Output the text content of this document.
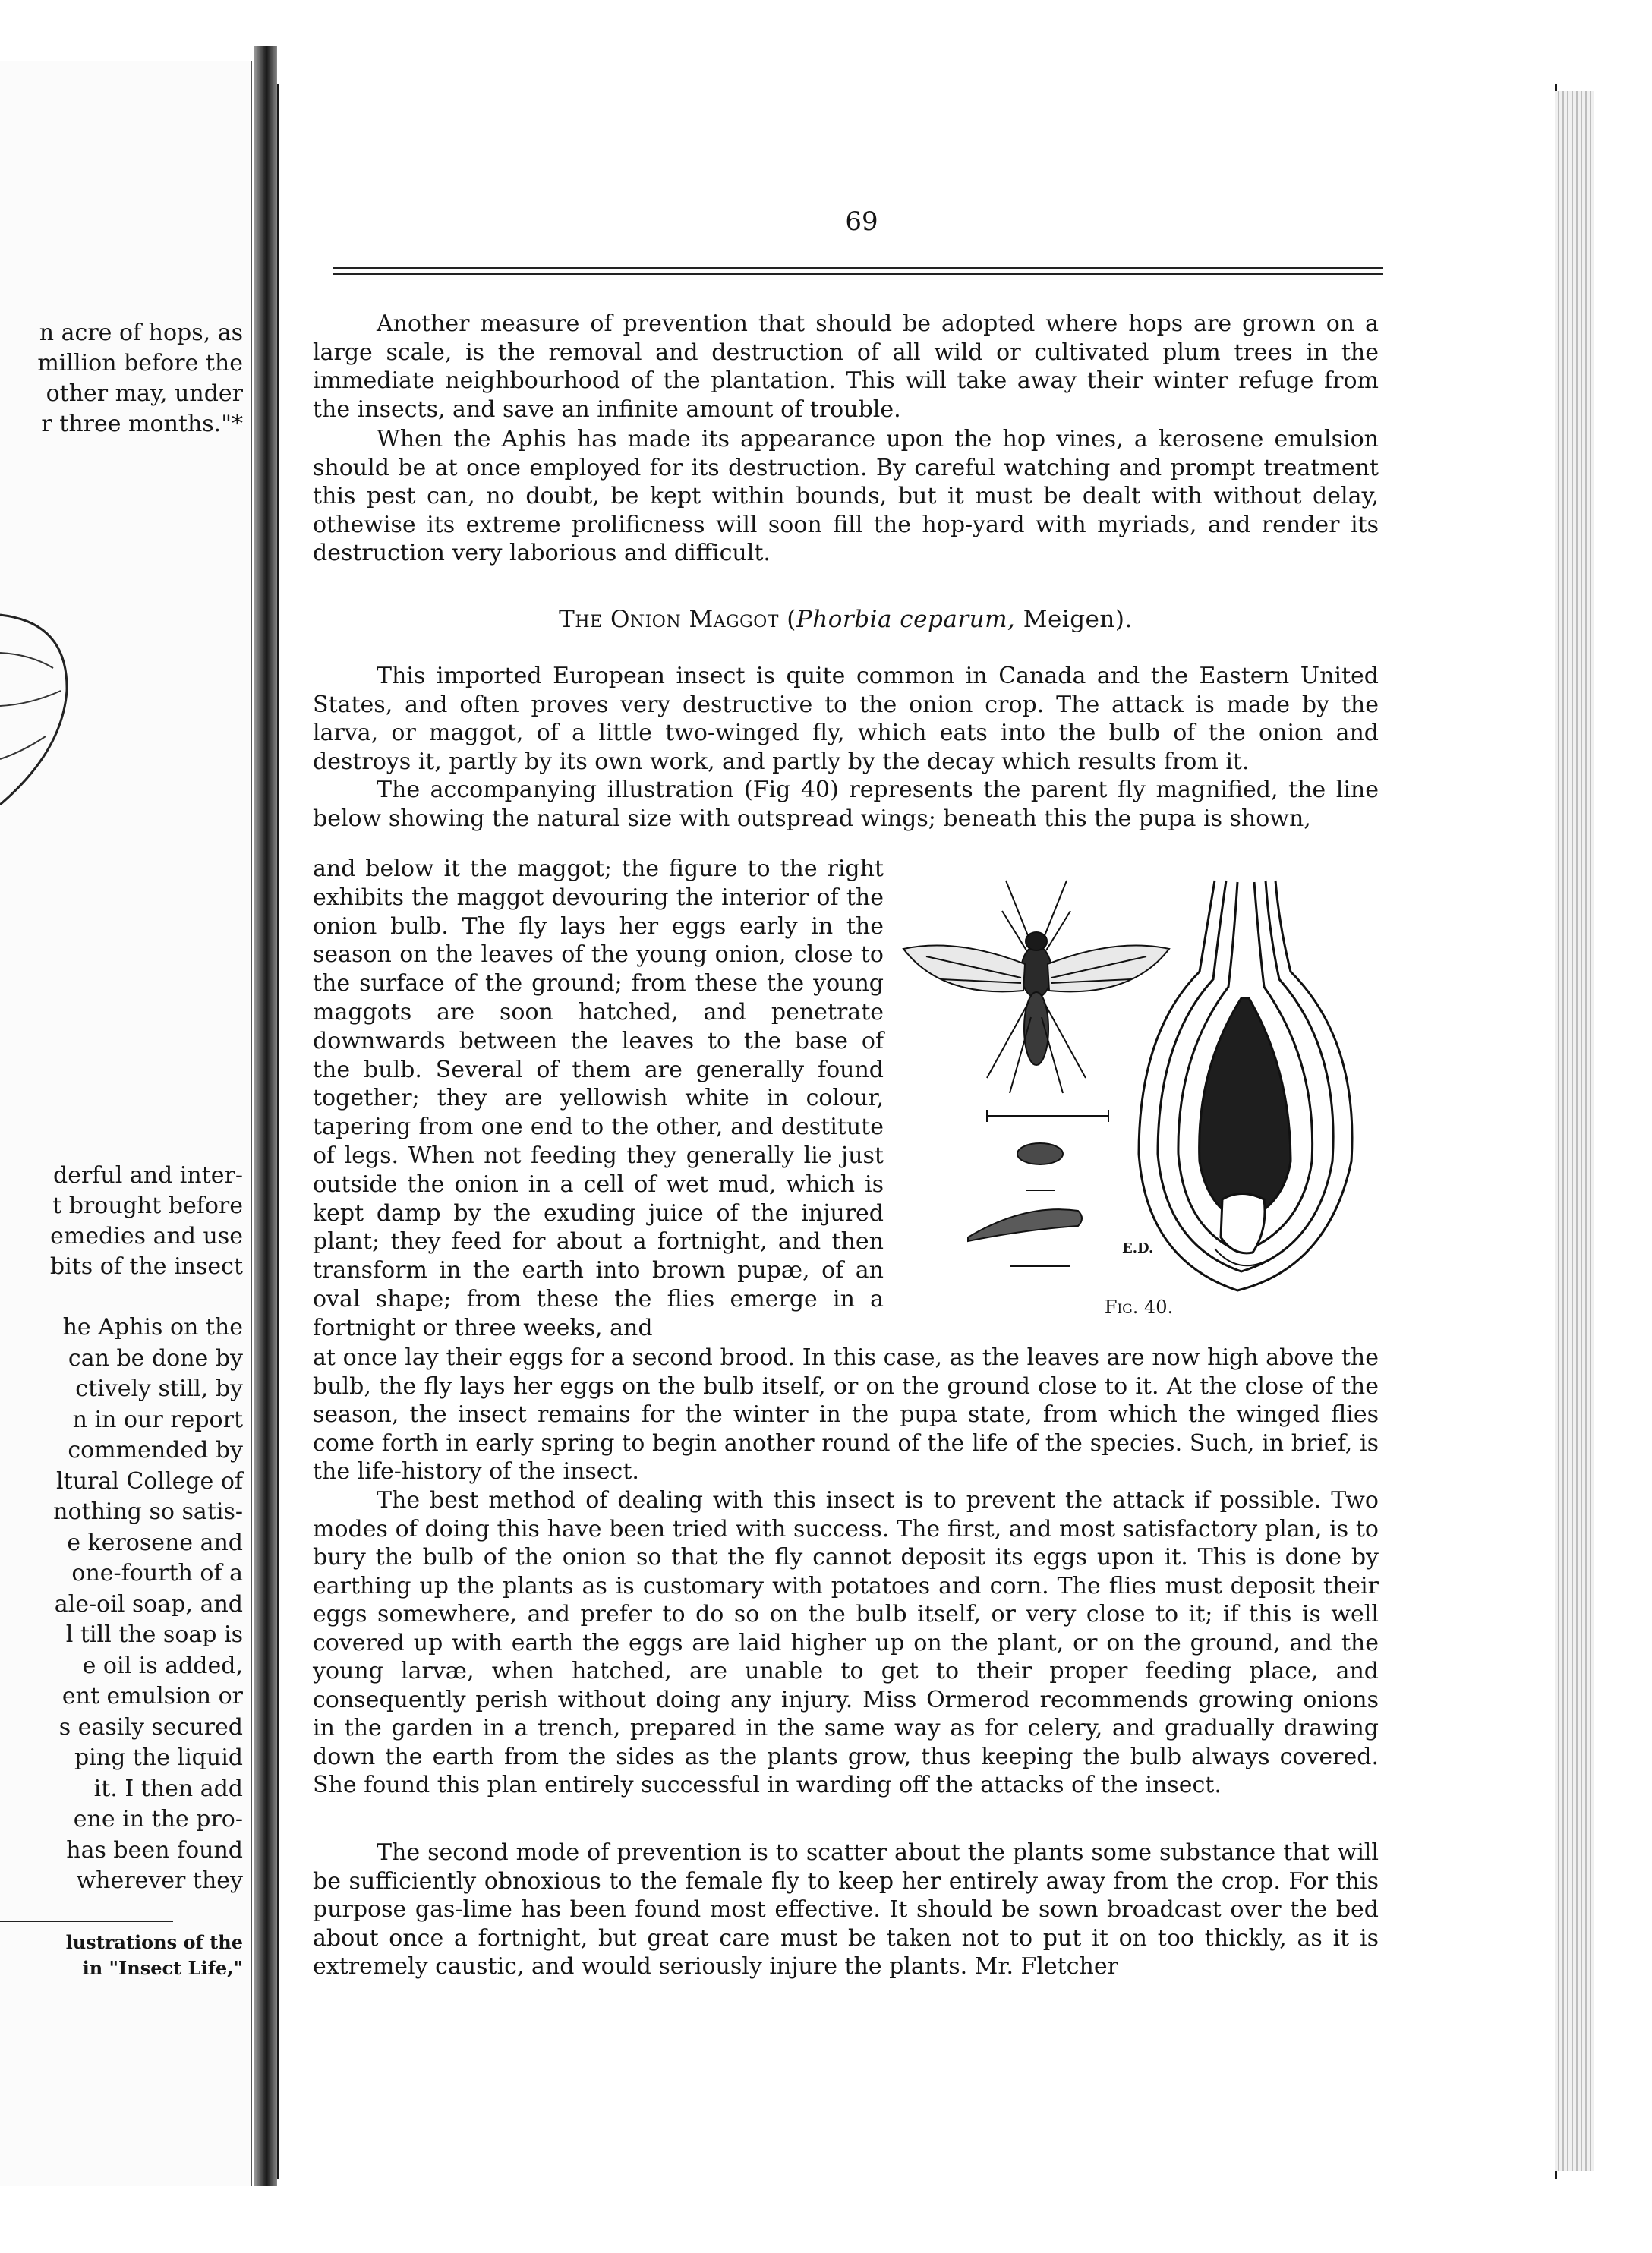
n acre of hops, as
million before the
other may, under
r three months."*
derful and inter-
t brought before
emedies and use
bits of the insect
he Aphis on the
can be done by
ctively still, by
n in our report
commended by
ltural College of
nothing so satis-
e kerosene and
one-fourth of a
ale-oil soap, and
l till the soap is
e oil is added,
ent emulsion or
s easily secured
ping the liquid
it. I then add
ene in the pro-
has been found
wherever they
lustrations of the
in "Insect Life,"
69

Another measure of prevention that should be adopted where hops are grown on a large scale, is the removal and destruction of all wild or cultivated plum trees in the immediate neighbourhood of the plantation. This will take away their winter refuge from the insects, and save an infinite amount of trouble.

When the Aphis has made its appearance upon the hop vines, a kerosene emulsion should be at once employed for its destruction. By careful watching and prompt treatment this pest can, no doubt, be kept within bounds, but it must be dealt with without delay, othewise its extreme prolificness will soon fill the hop-yard with myriads, and render its destruction very laborious and difficult.

The Onion Maggot (Phorbia ceparum, Meigen).

This imported European insect is quite common in Canada and the Eastern United States, and often proves very destructive to the onion crop. The attack is made by the larva, or maggot, of a little two-winged fly, which eats into the bulb of the onion and destroys it, partly by its own work, and partly by the decay which results from it.

The accompanying illustration (Fig 40) represents the parent fly magnified, the line below showing the natural size with outspread wings; beneath this the pupa is shown,

and below it the maggot; the figure to the right exhibits the maggot devouring the interior of the onion bulb. The fly lays her eggs early in the season on the leaves of the young onion, close to the surface of the ground; from these the young maggots are soon hatched, and penetrate downwards between the leaves to the base of the bulb. Several of them are generally found together; they are yellowish white in colour, tapering from one end to the other, and destitute of legs. When not feeding they generally lie just outside the onion in a cell of wet mud, which is kept damp by the exuding juice of the injured plant; they feed for about a fortnight, and then transform in the earth into brown pupæ, of an oval shape; from these the flies emerge in a fortnight or three weeks, and

E.D.
Fig. 40.

at once lay their eggs for a second brood. In this case, as the leaves are now high above the bulb, the fly lays her eggs on the bulb itself, or on the ground close to it. At the close of the season, the insect remains for the winter in the pupa state, from which the winged flies come forth in early spring to begin another round of the life of the species. Such, in brief, is the life-history of the insect.

The best method of dealing with this insect is to prevent the attack if possible. Two modes of doing this have been tried with success. The first, and most satisfactory plan, is to bury the bulb of the onion so that the fly cannot deposit its eggs upon it. This is done by earthing up the plants as is customary with potatoes and corn. The flies must deposit their eggs somewhere, and prefer to do so on the bulb itself, or very close to it; if this is well covered up with earth the eggs are laid higher up on the plant, or on the ground, and the young larvæ, when hatched, are unable to get to their proper feeding place, and consequently perish without doing any injury. Miss Ormerod recommends growing onions in the garden in a trench, prepared in the same way as for celery, and gradually drawing down the earth from the sides as the plants grow, thus keeping the bulb always covered. She found this plan entirely successful in warding off the attacks of the insect.

The second mode of prevention is to scatter about the plants some substance that will be sufficiently obnoxious to the female fly to keep her entirely away from the crop. For this purpose gas-lime has been found most effective. It should be sown broadcast over the bed about once a fortnight, but great care must be taken not to put it on too thickly, as it is extremely caustic, and would seriously injure the plants. Mr. Fletcher
